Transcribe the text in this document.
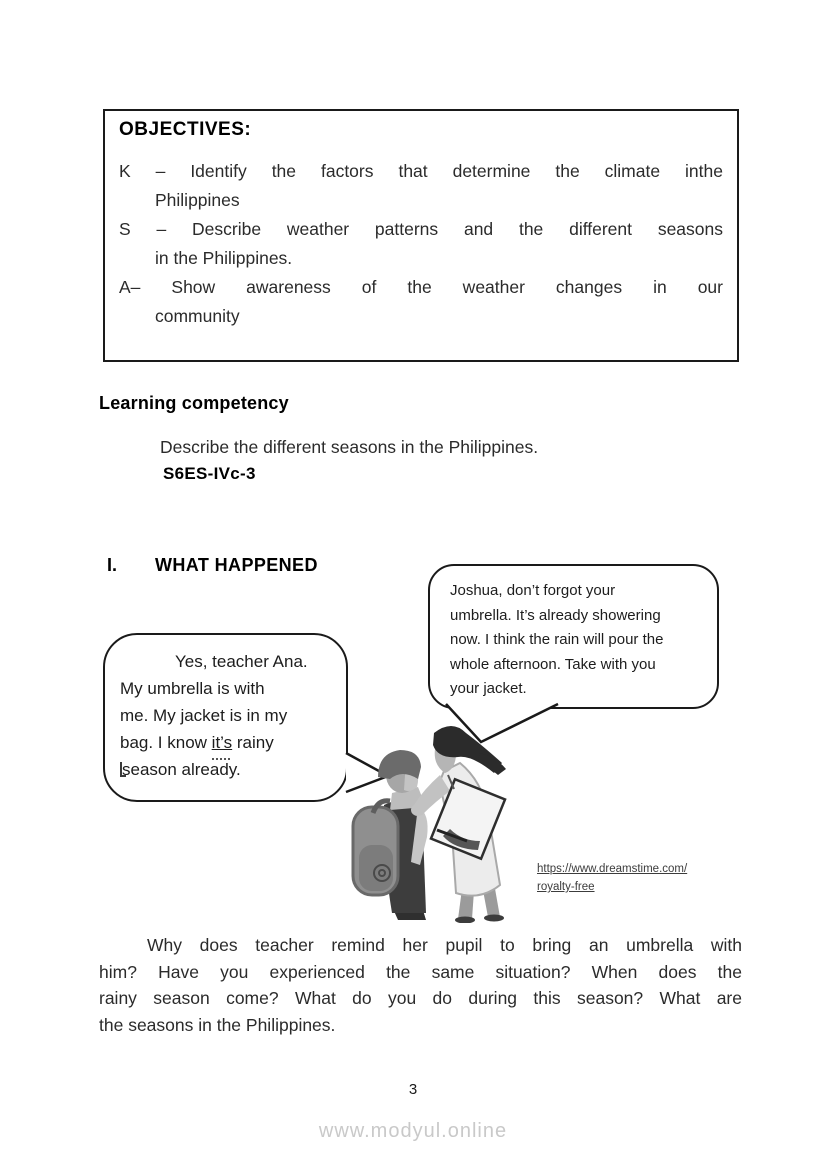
OBJECTIVES:
K – Identify the factors that determine the climate inthe
Philippines
S – Describe weather patterns and the different seasons
in the Philippines.
A– Show awareness of the weather changes in our
community
Learning competency
Describe the different seasons in the Philippines.
S6ES-IVc-3
I. WHAT HAPPENED
Joshua, don’t forgot your
umbrella. It’s already showering
now. I think the rain will pour the
whole afternoon. Take with you
your jacket.
Yes, teacher Ana.
My umbrella is with
me. My jacket is in my
bag. I know it’s rainy
season already.
https://www.dreamstime.com/
royalty-free
Why does teacher remind her pupil to bring an umbrella with
him? Have you experienced the same situation? When does the
rainy season come? What do you do during this season? What are
the seasons in the Philippines.
3
www.modyul.online
